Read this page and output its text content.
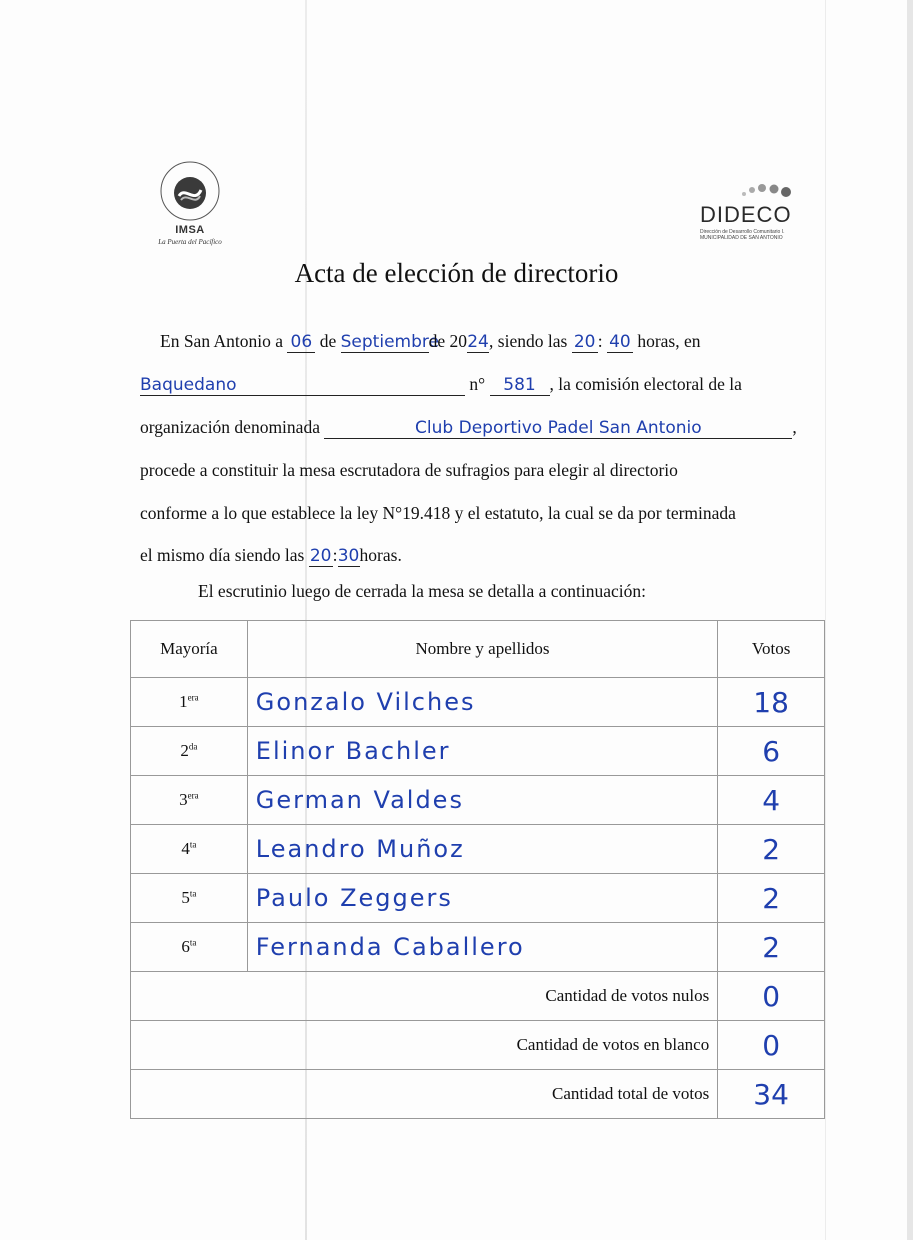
IMSA
La Puerta del Pacífico
DIDECO
Dirección de Desarrollo Comunitario I. MUNICIPALIDAD DE SAN ANTONIO
Acta de elección de directorio
En San Antonio a 06 de Septiembrede 2024, siendo las 20 : 40 horas, en
Baquedano	n° 581 , la comisión electoral de la
organización denominada	Club Deportivo Padel San Antonio	,
procede a constituir la mesa escrutadora de sufragios para elegir al directorio
conforme a lo que establece la ley N°19.418 y el estatuto, la cual se da por terminada
el mismo día siendo las 20:30horas.
El escrutinio luego de cerrada la mesa se detalla a continuación:
Mayoría	Nombre y apellidos	Votos
$1^{era}$	Gonzalo Vilches	18
$2^{da}$	Elinor Bachler	6
$3^{era}$	German Valdes	4
$4^{ta}$	Leandro Muñoz	2
$5^{ta}$	Paulo Zeggers	2
$6^{ta}$	Fernanda Caballero	2
Cantidad de votos nulos		0
Cantidad de votos en blanco		0
Cantidad total de votos		34
